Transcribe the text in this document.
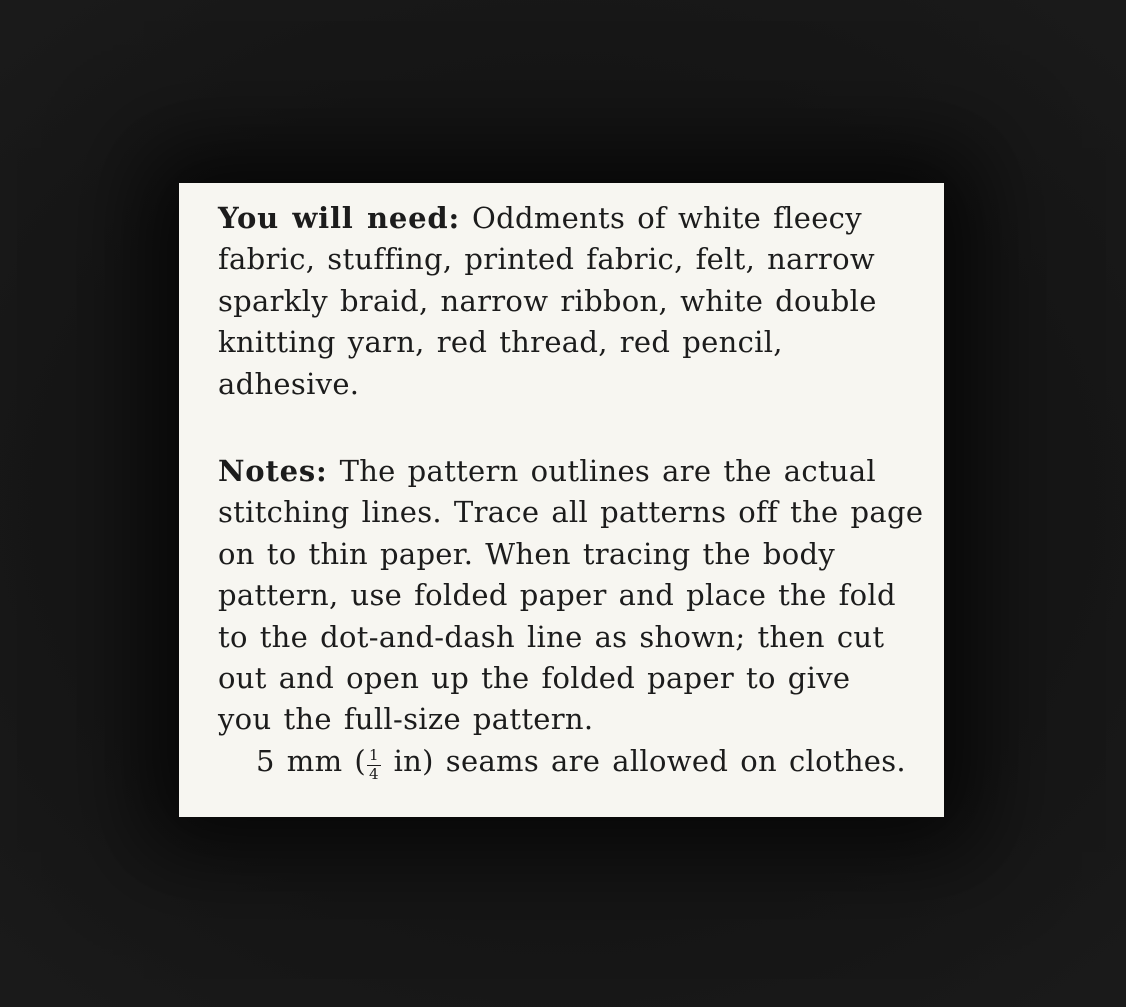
You will need: Oddments of white fleecy
fabric, stuffing, printed fabric, felt, narrow
sparkly braid, narrow ribbon, white double
knitting yarn, red thread, red pencil,
adhesive.
Notes: The pattern outlines are the actual
stitching lines. Trace all patterns off the page
on to thin paper. When tracing the body
pattern, use folded paper and place the fold
to the dot-and-dash line as shown; then cut
out and open up the folded paper to give
you the full-size pattern.
5 mm ( $\frac{1}{4} in$) seams are allowed on clothes.
